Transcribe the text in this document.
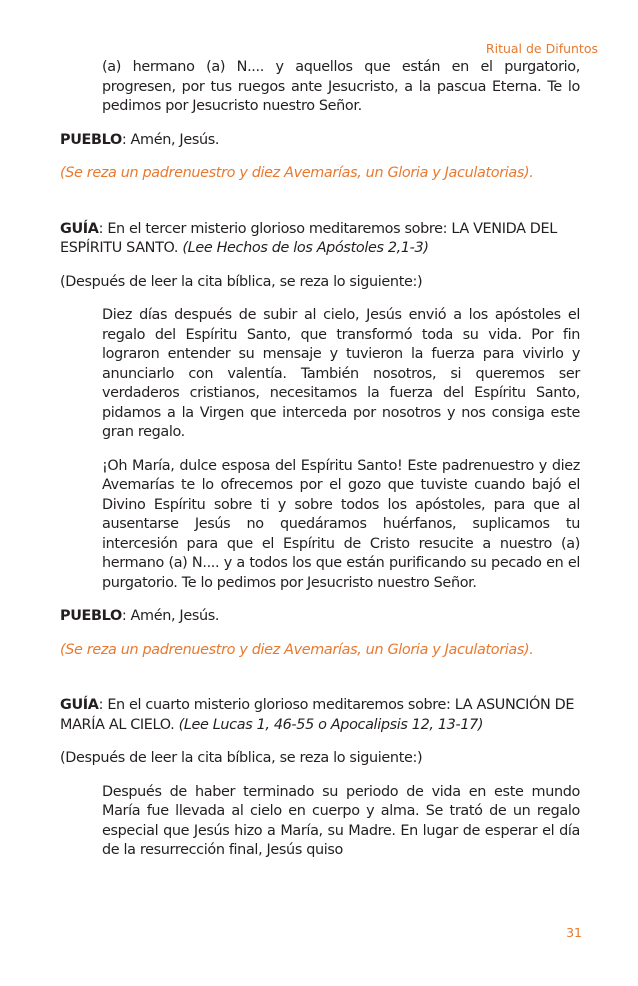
Ritual de Difuntos

(a) hermano (a) N.... y aquellos que están en el purgatorio, progresen, por tus ruegos ante Jesucristo, a la pascua Eterna. Te lo pedimos por Jesucristo nuestro Señor.

PUEBLO: Amén, Jesús.

(Se reza un padrenuestro y diez Avemarías, un Gloria y Jaculatorias).

GUÍA: En el tercer misterio glorioso meditaremos sobre: LA VENIDA DEL ESPÍRITU SANTO. (Lee Hechos de los Apóstoles 2,1-3)

(Después de leer la cita bíblica, se reza lo siguiente:)

Diez días después de subir al cielo, Jesús envió a los apóstoles el regalo del Espíritu Santo, que transformó toda su vida. Por fin lograron entender su mensaje y tuvieron la fuerza para vivirlo y anunciarlo con valentía. También nosotros, si queremos ser verdaderos cristianos, necesitamos la fuerza del Espíritu Santo, pidamos a la Virgen que interceda por nosotros y nos consiga este gran regalo.

¡Oh María, dulce esposa del Espíritu Santo! Este padrenuestro y diez Avemarías te lo ofrecemos por el gozo que tuviste cuando bajó el Divino Espíritu sobre ti y sobre todos los apóstoles, para que al ausentarse Jesús no quedáramos huérfanos, suplicamos tu intercesión para que el Espíritu de Cristo resucite a nuestro (a) hermano (a) N.... y a todos los que están purificando su pecado en el purgatorio. Te lo pedimos por Jesucristo nuestro Señor.

PUEBLO: Amén, Jesús.

(Se reza un padrenuestro y diez Avemarías, un Gloria y Jaculatorias).

GUÍA: En el cuarto misterio glorioso meditaremos sobre: LA ASUNCIÓN DE MARÍA AL CIELO. (Lee Lucas 1, 46-55 o Apocalipsis 12, 13-17)

(Después de leer la cita bíblica, se reza lo siguiente:)

Después de haber terminado su periodo de vida en este mundo María fue llevada al cielo en cuerpo y alma. Se trató de un regalo especial que Jesús hizo a María, su Madre. En lugar de esperar el día de la resurrección final, Jesús quiso

31
